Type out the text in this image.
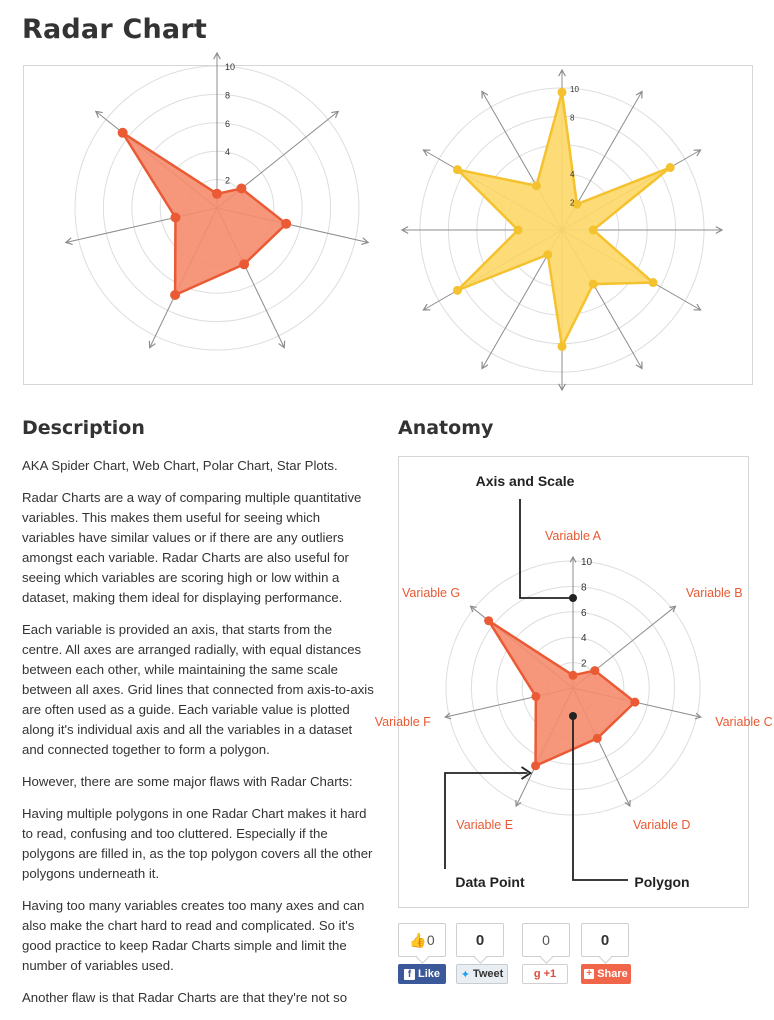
Radar Chart
2
4
6
8
10
2
4
8
10
Description	Anatomy

AKA Spider Chart, Web Chart, Polar Chart, Star Plots.

Radar Charts are a way of comparing multiple quantitative variables. This makes them useful for seeing which variables have similar values or if there are any outliers amongst each variable. Radar Charts are also useful for seeing which variables are scoring high or low within a dataset, making them ideal for displaying performance.

Each variable is provided an axis, that starts from the centre. All axes are arranged radially, with equal distances between each other, while maintaining the same scale between all axes. Grid lines that connected from axis-to-axis are often used as a guide. Each variable value is plotted along it's individual axis and all the variables in a dataset and connected together to form a polygon.

However, there are some major flaws with Radar Charts:

Having multiple polygons in one Radar Chart makes it hard to read, confusing and too cluttered. Especially if the polygons are filled in, as the top polygon covers all the other polygons underneath it.

Having too many variables creates too many axes and can also make the chart hard to read and complicated. So it's good practice to keep Radar Charts simple and limit the number of variables used.

Another flaw is that Radar Charts are that they're not so

2
4
6
8
10
Variable A
Variable B
Variable C
Variable D
Variable E
Variable F
Variable G
Axis and Scale
Data Point	Polygon
👍 0
f Like
0
✦ Tweet
0
g +1
0
+ Share
